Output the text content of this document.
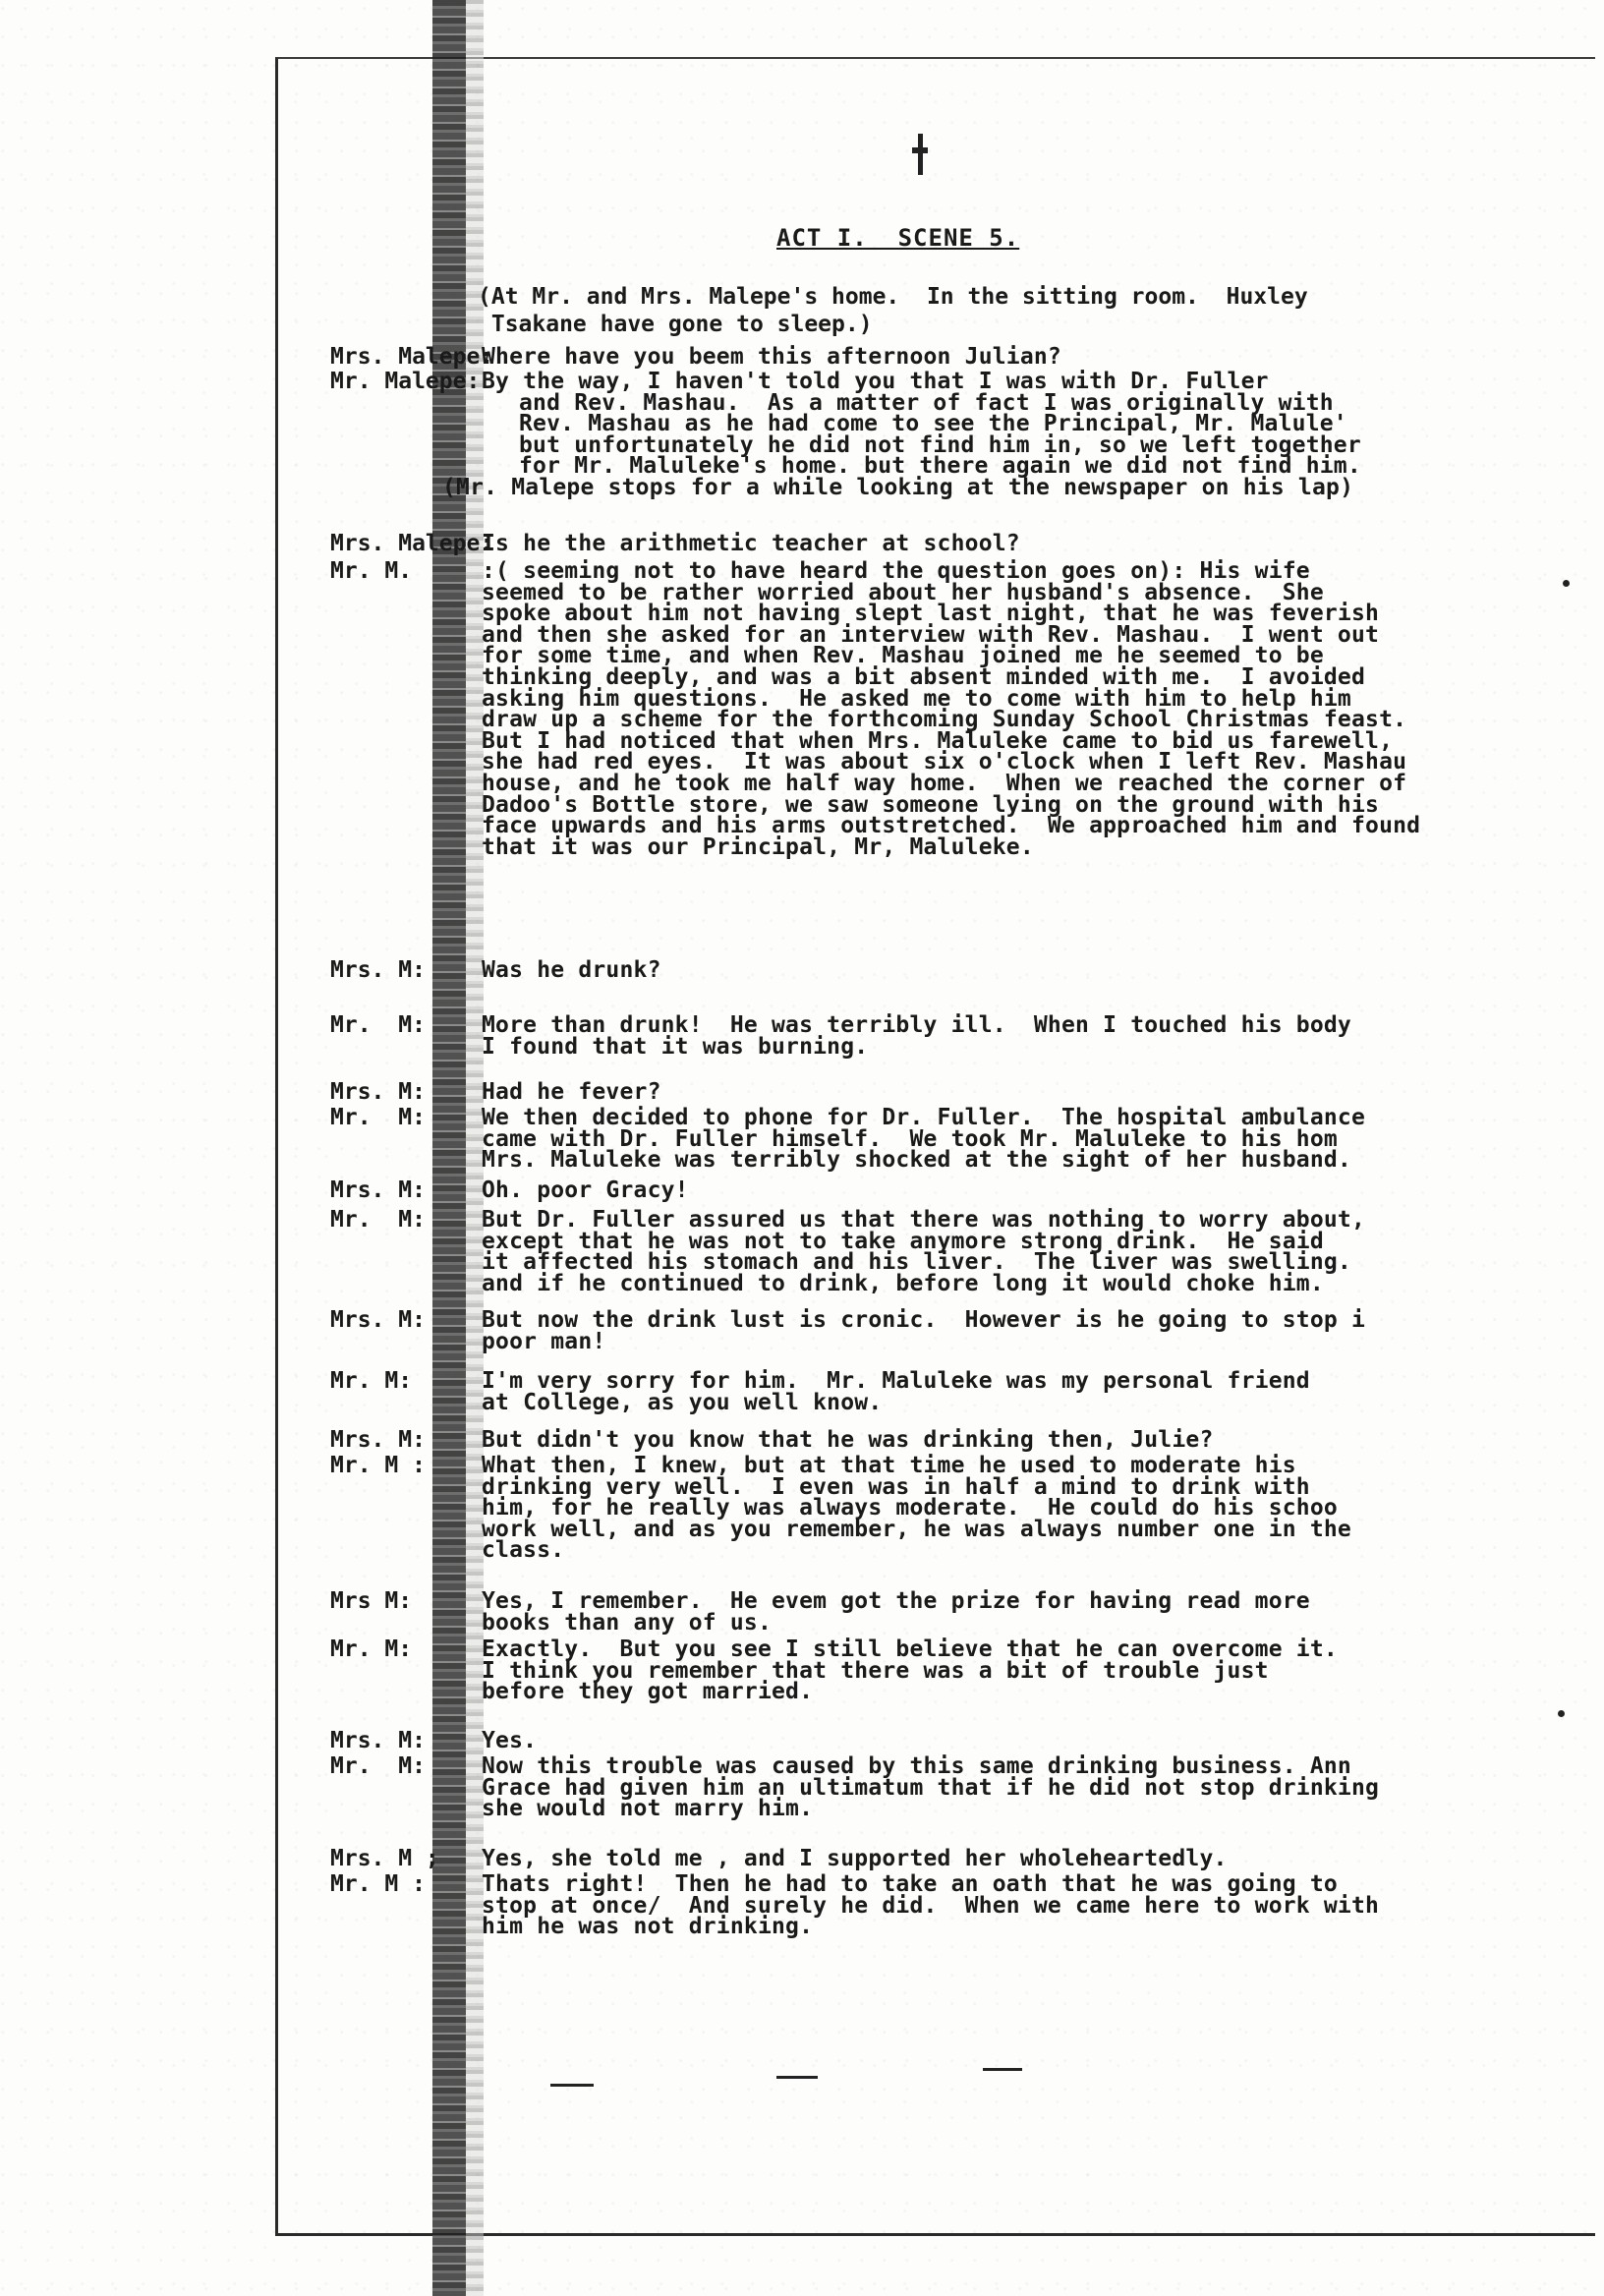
ACT I.  SCENE 5.
(At Mr. and Mrs. Malepe's home.  In the sitting room.  Huxley
Tsakane have gone to sleep.)
Mrs. Malepe:
Where have you beem this afternoon Julian?
Mr. Malepe: By the way, I haven't told you that I was with Dr. Fuller
and Rev. Mashau.  As a matter of fact I was originally with
Rev. Mashau as he had come to see the Principal, Mr. Malule'
but unfortunately he did not find him in, so we left together
for Mr. Maluleke's home. but there again we did not find him.
(Mr. Malepe stops for a while looking at the newspaper on his lap)
Mrs. Malepe:
Is he the arithmetic teacher at school?
Mr. M.	:( seeming not to have heard the question goes on): His wife
seemed to be rather worried about her husband's absence.  She
spoke about him not having slept last night, that he was feverish
and then she asked for an interview with Rev. Mashau.  I went out
for some time, and when Rev. Mashau joined me he seemed to be
thinking deeply, and was a bit absent minded with me.  I avoided
asking him questions.  He asked me to come with him to help him
draw up a scheme for the forthcoming Sunday School Christmas feast.
But I had noticed that when Mrs. Maluleke came to bid us farewell,
she had red eyes.  It was about six o'clock when I left Rev. Mashau
house, and he took me half way home.  When we reached the corner of
Dadoo's Bottle store, we saw someone lying on the ground with his
face upwards and his arms outstretched.  We approached him and found
that it was our Principal, Mr, Maluleke.
Mrs. M: Was he drunk?
Mr.  M: More than drunk!  He was terribly ill.  When I touched his body
I found that it was burning.
Mrs. M: Had he fever?
Mr.  M: We then decided to phone for Dr. Fuller.  The hospital ambulance
came with Dr. Fuller himself.  We took Mr. Maluleke to his hom
Mrs. Maluleke was terribly shocked at the sight of her husband.
Mrs. M: Oh. poor Gracy!
Mr.  M: But Dr. Fuller assured us that there was nothing to worry about,
except that he was not to take anymore strong drink.  He said
it affected his stomach and his liver.  The liver was swelling.
and if he continued to drink, before long it would choke him.
Mrs. M: But now the drink lust is cronic.  However is he going to stop i
poor man!
Mr. M:	I'm very sorry for him.  Mr. Maluleke was my personal friend
at College, as you well know.
Mrs. M: But didn't you know that he was drinking then, Julie?
Mr. M : What then, I knew, but at that time he used to moderate his
drinking very well.  I even was in half a mind to drink with
him, for he really was always moderate.  He could do his schoo
work well, and as you remember, he was always number one in the
class.
Mrs M:	Yes, I remember.  He evem got the prize for having read more
books than any of us.
Mr. M:	Exactly.  But you see I still believe that he can overcome it.
I think you remember that there was a bit of trouble just
before they got married.
Mrs. M: Yes.
Mr.  M: Now this trouble was caused by this same drinking business. Ann
Grace had given him an ultimatum that if he did not stop drinking
she would not marry him.
Mrs. M ; Yes, she told me , and I supported her wholeheartedly.
Mr. M : Thats right!  Then he had to take an oath that he was going to
stop at once/  And surely he did.  When we came here to work with
him he was not drinking.
